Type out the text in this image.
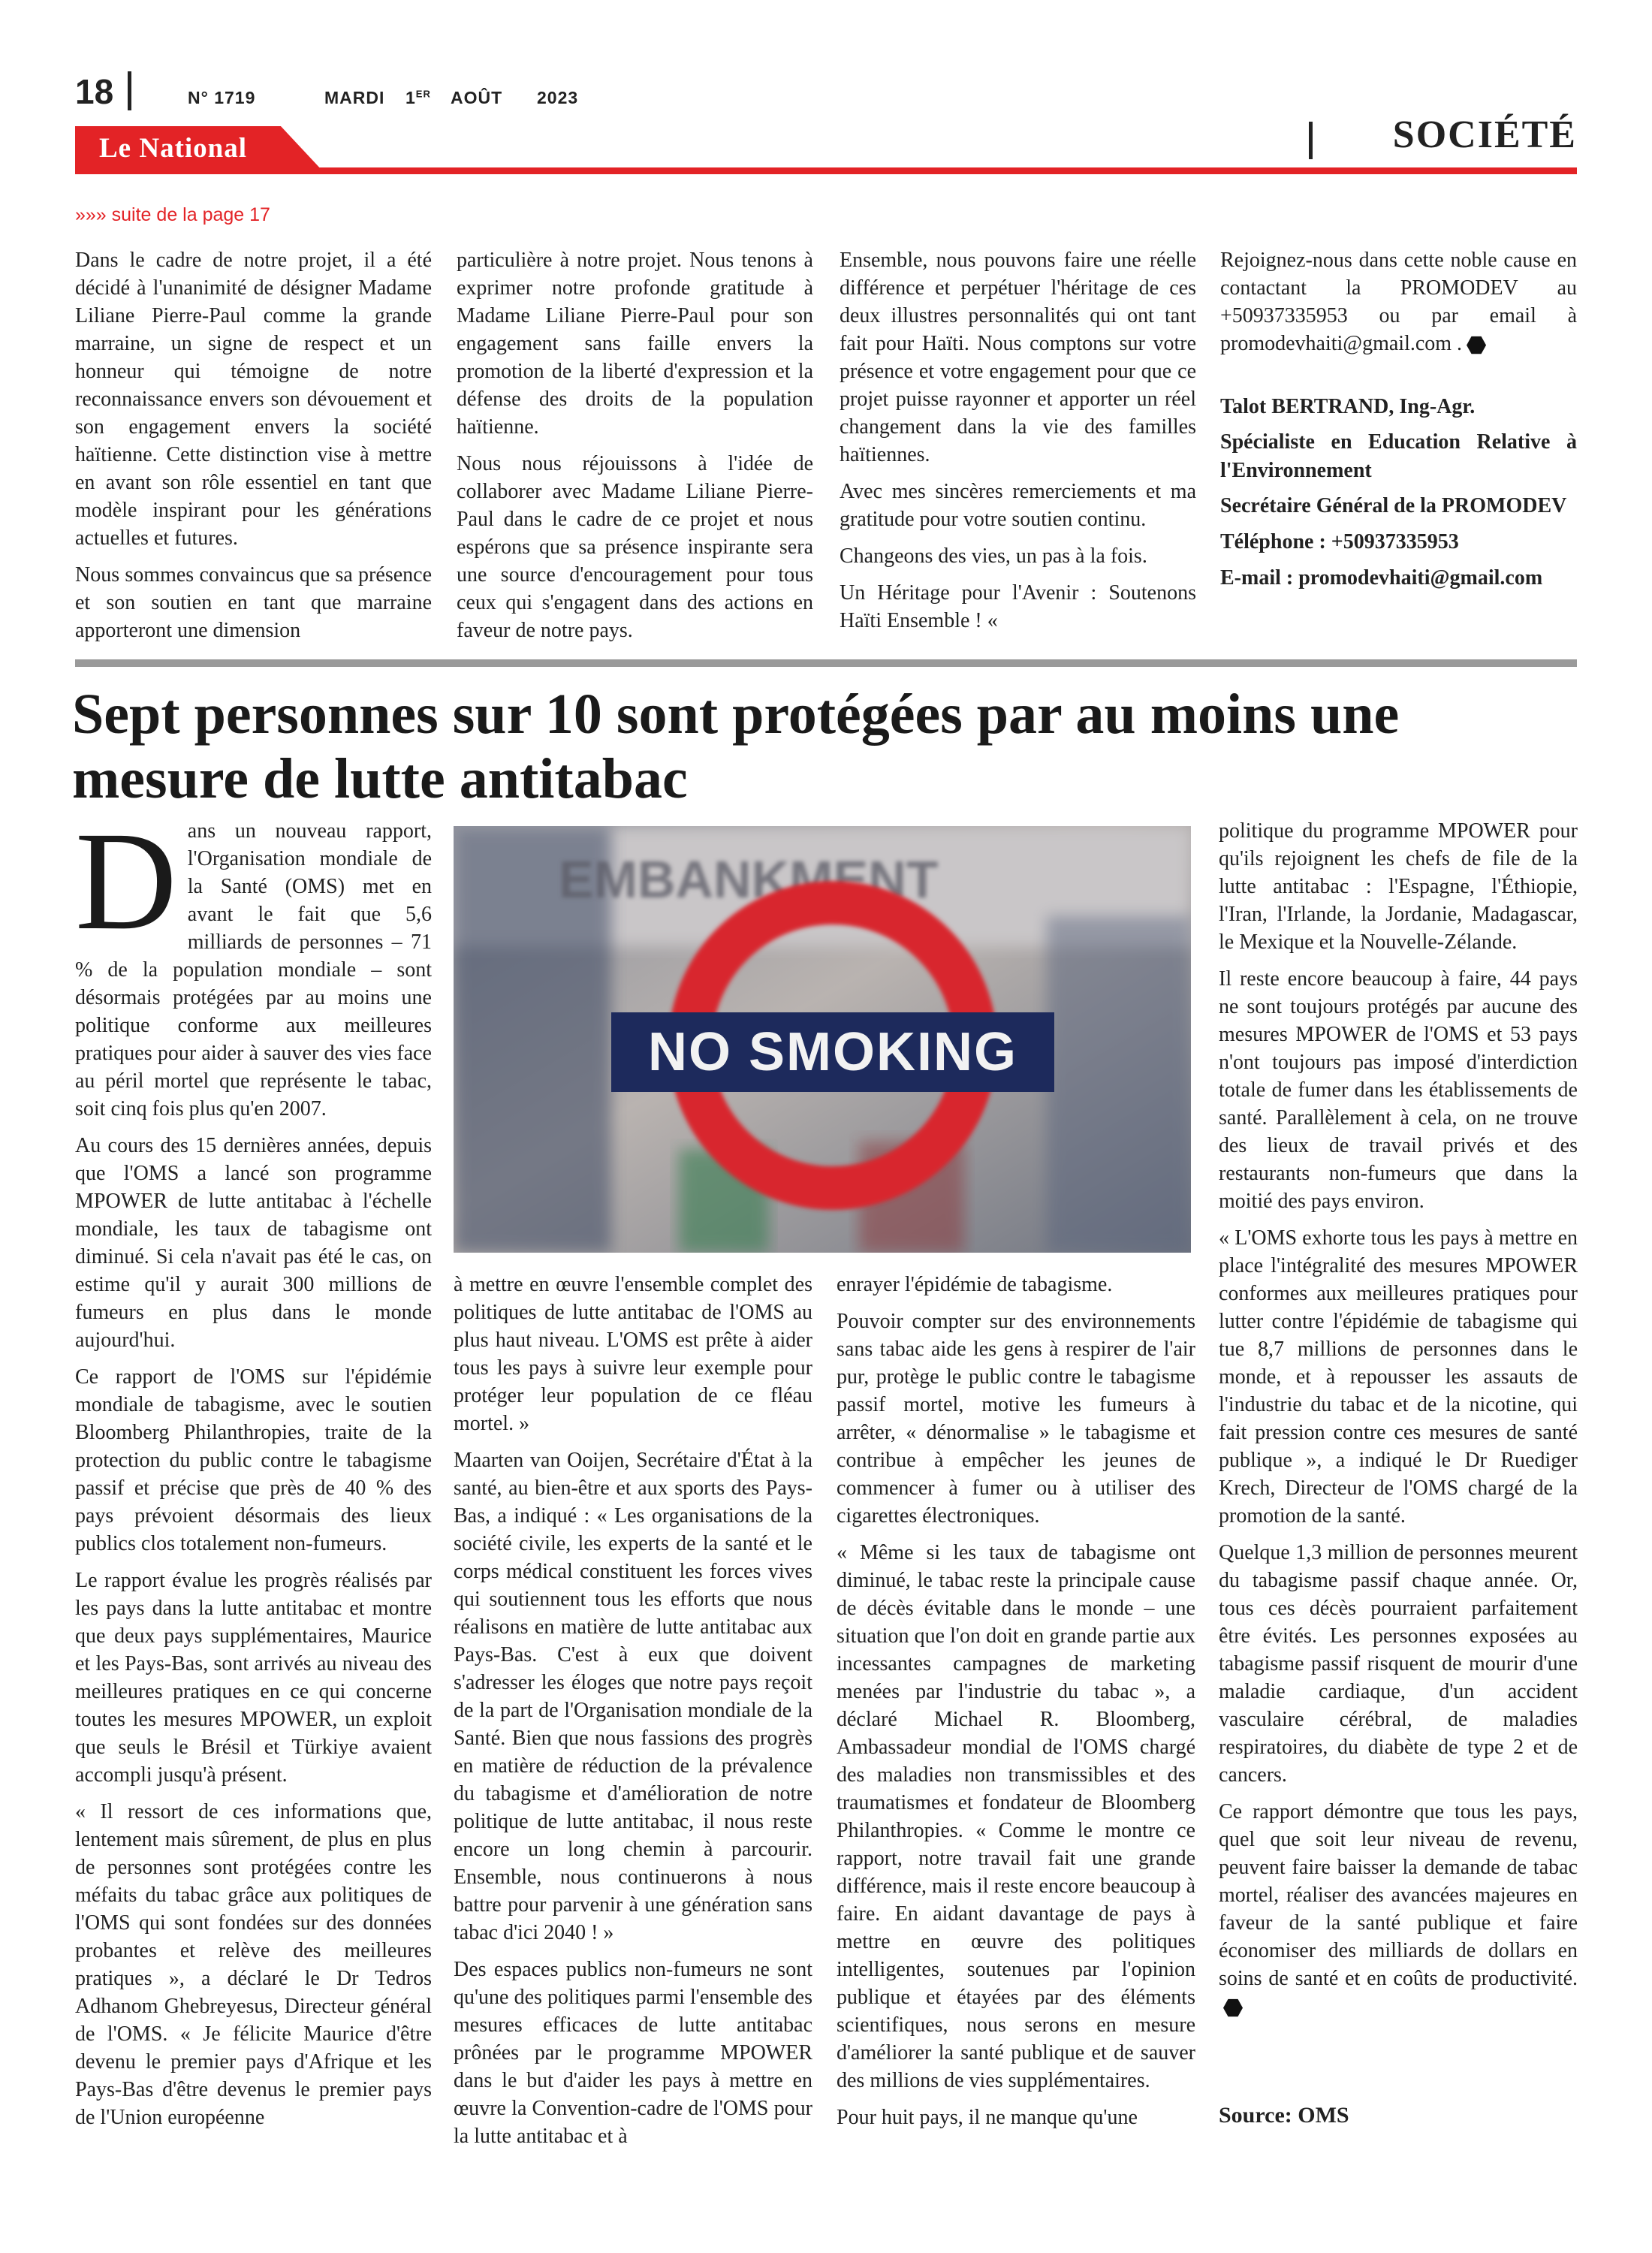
18	N° 1719	MARDI 1ER AOÛT 2023
Le National	SOCIÉTÉ
»»» suite de la page 17

Dans le cadre de notre projet, il a été décidé à l'unanimité de désigner Madame Liliane Pierre-Paul comme la grande marraine, un signe de respect et un honneur qui témoigne de notre reconnaissance envers son dévouement et son engagement envers la société haïtienne. Cette distinction vise à mettre en avant son rôle essentiel en tant que modèle inspirant pour les générations actuelles et futures.

Nous sommes convaincus que sa présence et son soutien en tant que marraine apporteront une dimension

particulière à notre projet. Nous tenons à exprimer notre profonde gratitude à Madame Liliane Pierre-Paul pour son engagement sans faille envers la promotion de la liberté d'expression et la défense des droits de la population haïtienne.

Nous nous réjouissons à l'idée de collaborer avec Madame Liliane Pierre-Paul dans le cadre de ce projet et nous espérons que sa présence inspirante sera une source d'encouragement pour tous ceux qui s'engagent dans des actions en faveur de notre pays.

Ensemble, nous pouvons faire une réelle différence et perpétuer l'héritage de ces deux illustres personnalités qui ont tant fait pour Haïti. Nous comptons sur votre présence et votre engagement pour que ce projet puisse rayonner et apporter un réel changement dans la vie des familles haïtiennes.

Avec mes sincères remerciements et ma gratitude pour votre soutien continu.

Changeons des vies, un pas à la fois.

Un Héritage pour l'Avenir : Soutenons Haïti Ensemble ! «

Rejoignez-nous dans cette noble cause en contactant la PROMODEV au +50937335953 ou par email à promodevhaiti@gmail.com .

Talot BERTRAND, Ing-Agr.
Spécialiste en Education Relative à l'Environnement
Secrétaire Général de la PROMODEV
Téléphone : +50937335953
E-mail : promodevhaiti@gmail.com
Sept personnes sur 10 sont protégées par au moins une mesure de lutte antitabac

Dans un nouveau rapport, l'Organisation mondiale de la Santé (OMS) met en avant le fait que 5,6 milliards de personnes – 71 % de la population mondiale – sont désormais protégées par au moins une politique conforme aux meilleures pratiques pour aider à sauver des vies face au péril mortel que représente le tabac, soit cinq fois plus qu'en 2007.

Au cours des 15 dernières années, depuis que l'OMS a lancé son programme MPOWER de lutte antitabac à l'échelle mondiale, les taux de tabagisme ont diminué. Si cela n'avait pas été le cas, on estime qu'il y aurait 300 millions de fumeurs en plus dans le monde aujourd'hui.

Ce rapport de l'OMS sur l'épidémie mondiale de tabagisme, avec le soutien Bloomberg Philanthropies, traite de la protection du public contre le tabagisme passif et précise que près de 40 % des pays prévoient désormais des lieux publics clos totalement non-fumeurs.

Le rapport évalue les progrès réalisés par les pays dans la lutte antitabac et montre que deux pays supplémentaires, Maurice et les Pays-Bas, sont arrivés au niveau des meilleures pratiques en ce qui concerne toutes les mesures MPOWER, un exploit que seuls le Brésil et Türkiye avaient accompli jusqu'à présent.

« Il ressort de ces informations que, lentement mais sûrement, de plus en plus de personnes sont protégées contre les méfaits du tabac grâce aux politiques de l'OMS qui sont fondées sur des données probantes et relève des meilleures pratiques », a déclaré le Dr Tedros Adhanom Ghebreyesus, Directeur général de l'OMS. « Je félicite Maurice d'être devenu le premier pays d'Afrique et les Pays-Bas d'être devenus le premier pays de l'Union européenne

EMBANKMENT
NO SMOKING

à mettre en œuvre l'ensemble complet des politiques de lutte antitabac de l'OMS au plus haut niveau. L'OMS est prête à aider tous les pays à suivre leur exemple pour protéger leur population de ce fléau mortel. »

Maarten van Ooijen, Secrétaire d'État à la santé, au bien-être et aux sports des Pays-Bas, a indiqué : « Les organisations de la société civile, les experts de la santé et le corps médical constituent les forces vives qui soutiennent tous les efforts que nous réalisons en matière de lutte antitabac aux Pays-Bas. C'est à eux que doivent s'adresser les éloges que notre pays reçoit de la part de l'Organisation mondiale de la Santé. Bien que nous fassions des progrès en matière de réduction de la prévalence du tabagisme et d'amélioration de notre politique de lutte antitabac, il nous reste encore un long chemin à parcourir. Ensemble, nous continuerons à nous battre pour parvenir à une génération sans tabac d'ici 2040 ! »

Des espaces publics non-fumeurs ne sont qu'une des politiques parmi l'ensemble des mesures efficaces de lutte antitabac prônées par le programme MPOWER dans le but d'aider les pays à mettre en œuvre la Convention-cadre de l'OMS pour la lutte antitabac et à

enrayer l'épidémie de tabagisme.

Pouvoir compter sur des environnements sans tabac aide les gens à respirer de l'air pur, protège le public contre le tabagisme passif mortel, motive les fumeurs à arrêter, « dénormalise » le tabagisme et contribue à empêcher les jeunes de commencer à fumer ou à utiliser des cigarettes électroniques.

« Même si les taux de tabagisme ont diminué, le tabac reste la principale cause de décès évitable dans le monde – une situation que l'on doit en grande partie aux incessantes campagnes de marketing menées par l'industrie du tabac », a déclaré Michael R. Bloomberg, Ambassadeur mondial de l'OMS chargé des maladies non transmissibles et des traumatismes et fondateur de Bloomberg Philanthropies. « Comme le montre ce rapport, notre travail fait une grande différence, mais il reste encore beaucoup à faire. En aidant davantage de pays à mettre en œuvre des politiques intelligentes, soutenues par l'opinion publique et étayées par des éléments scientifiques, nous serons en mesure d'améliorer la santé publique et de sauver des millions de vies supplémentaires.

Pour huit pays, il ne manque qu'une

politique du programme MPOWER pour qu'ils rejoignent les chefs de file de la lutte antitabac : l'Espagne, l'Éthiopie, l'Iran, l'Irlande, la Jordanie, Madagascar, le Mexique et la Nouvelle-Zélande.

Il reste encore beaucoup à faire, 44 pays ne sont toujours protégés par aucune des mesures MPOWER de l'OMS et 53 pays n'ont toujours pas imposé d'interdiction totale de fumer dans les établissements de santé. Parallèlement à cela, on ne trouve des lieux de travail privés et des restaurants non-fumeurs que dans la moitié des pays environ.

« L'OMS exhorte tous les pays à mettre en place l'intégralité des mesures MPOWER conformes aux meilleures pratiques pour lutter contre l'épidémie de tabagisme qui tue 8,7 millions de personnes dans le monde, et à repousser les assauts de l'industrie du tabac et de la nicotine, qui fait pression contre ces mesures de santé publique », a indiqué le Dr Ruediger Krech, Directeur de l'OMS chargé de la promotion de la santé.

Quelque 1,3 million de personnes meurent du tabagisme passif chaque année. Or, tous ces décès pourraient parfaitement être évités. Les personnes exposées au tabagisme passif risquent de mourir d'une maladie cardiaque, d'un accident vasculaire cérébral, de maladies respiratoires, du diabète de type 2 et de cancers.

Ce rapport démontre que tous les pays, quel que soit leur niveau de revenu, peuvent faire baisser la demande de tabac mortel, réaliser des avancées majeures en faveur de la santé publique et faire économiser des milliards de dollars en soins de santé et en coûts de productivité.

Source: OMS
